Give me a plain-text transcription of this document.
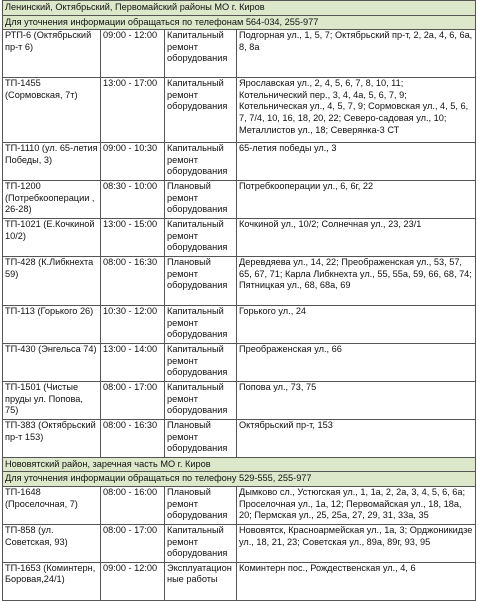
Ленинский, Октябрьский, Первомайский районы МО г. Киров			
Для уточнения информации обращаться по телефонам 564-034, 255-977			
РТП-6 (Октябрьский пр-т 6)	09:00 - 12:00	Капитальный ремонт оборудования	Подгорная ул., 1, 5, 7; Октябрьский пр-т, 2, 2а, 4, 6, 6а, 8, 8а
ТП-1455 (Сормовская, 7т)	13:00 - 17:00	Капитальный ремонт оборудования	Ярославская ул., 2, 4, 5, 6, 7, 8, 10, 11; Котельнический пер., 3, 4, 4а, 5, 6, 7, 9; Котельническая ул., 4, 5, 7, 9; Сормовская ул., 4, 5, 6, 7, 7/4, 10, 16, 18, 20, 22; Северо-садовая ул., 10; Металлистов ул., 18; Северянка-3 СТ
ТП-1110 (ул. 65-летия Победы, 3)	09:00 - 10:30	Капитальный ремонт оборудования	65-летия победы ул., 3
ТП-1200 (Потребкооперации , 26-28)	08:30 - 10:00	Плановый ремонт оборудования	Потребкооперации ул., 6, 6г, 22
ТП-1021 (Е.Кочкиной 10/2)	13:00 - 15:00	Капитальный ремонт оборудования	Кочкиной ул., 10/2; Солнечная ул., 23, 23/1
ТП-428 (К.Либкнехта 59)	08:00 - 16:30	Плановый ремонт оборудования	Деревдяева ул., 14, 22; Преображенская ул., 53, 57, 65, 67, 71; Карла Либкнехта ул., 55, 55а, 59, 66, 68, 74; Пятницкая ул., 68, 68а, 69
ТП-113 (Горького 26)	10:30 - 12:00	Капитальный ремонт оборудования	Горького ул., 24
ТП-430 (Энгельса 74)	13:00 - 14:00	Капитальный ремонт оборудования	Преображенская ул., 66
ТП-1501 (Чистые пруды ул. Попова, 75)	08:00 - 17:00	Капитальный ремонт оборудования	Попова ул., 73, 75
ТП-383 (Октябрьский пр-т 153)	08:00 - 16:30	Плановый ремонт оборудования	Октябрьский пр-т, 153
Нововятский район, заречная часть МО г. Киров			
Для уточнения информации обращаться по телефону 529-555, 255-977			
ТП-1648 (Проселочная, 7)	08:00 - 16:00	Плановый ремонт оборудования	Дымково сл., Устюгская ул., 1, 1а, 2, 2а, 3, 4, 5, 6, 6а; Проселочная ул., 1а, 12; Первомайская ул., 18, 18а, 20; Пермская ул., 25, 25а, 27, 29, 31, 33а, 35
ТП-858 (ул. Советская, 93)	08:00 - 17:00	Капитальный ремонт оборудования	Нововятск, Красноармейская ул., 1а, 3; Орджоникидзе ул., 18, 21, 23; Советская ул., 89а, 89г, 93, 95
ТП-1653 (Коминтерн, Боровая,24/1)	09:00 - 12:00	Эксплуатационные работы	Коминтерн пос., Рождественская ул., 4, 6
